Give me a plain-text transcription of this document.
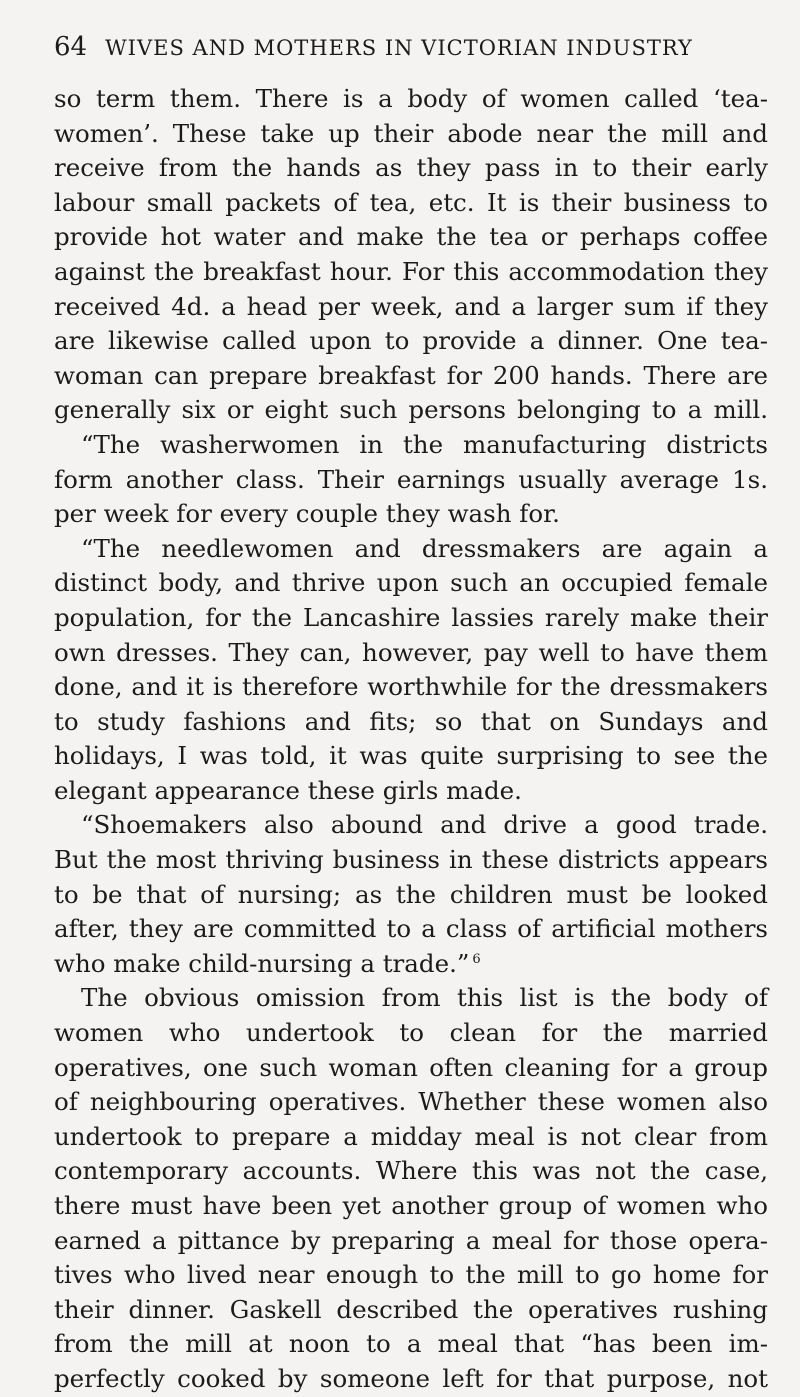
64 WIVES AND MOTHERS IN VICTORIAN INDUSTRY
so term them. There is a body of women called ‘tea-
women’. These take up their abode near the mill and
receive from the hands as they pass in to their early
labour small packets of tea, etc. It is their business to
provide hot water and make the tea or perhaps coffee
against the breakfast hour. For this accommodation they
received 4d. a head per week, and a larger sum if they
are likewise called upon to provide a dinner. One tea-
woman can prepare breakfast for 200 hands. There are
generally six or eight such persons belonging to a mill.
“The washerwomen in the manufacturing districts
form another class. Their earnings usually average 1s.
per week for every couple they wash for.
“The needlewomen and dressmakers are again a
distinct body, and thrive upon such an occupied female
population, for the Lancashire lassies rarely make their
own dresses. They can, however, pay well to have them
done, and it is therefore worthwhile for the dressmakers
to study fashions and fits; so that on Sundays and
holidays, I was told, it was quite surprising to see the
elegant appearance these girls made.
“Shoemakers also abound and drive a good trade.
But the most thriving business in these districts appears
to be that of nursing; as the children must be looked
after, they are committed to a class of artificial mothers
who make child-nursing a trade.” $^6$
The obvious omission from this list is the body of
women who undertook to clean for the married
operatives, one such woman often cleaning for a group
of neighbouring operatives. Whether these women also
undertook to prepare a midday meal is not clear from
contemporary accounts. Where this was not the case,
there must have been yet another group of women who
earned a pittance by preparing a meal for those opera-
tives who lived near enough to the mill to go home for
their dinner. Gaskell described the operatives rushing
from the mill at noon to a meal that “has been im-
perfectly cooked by someone left for that purpose, not
